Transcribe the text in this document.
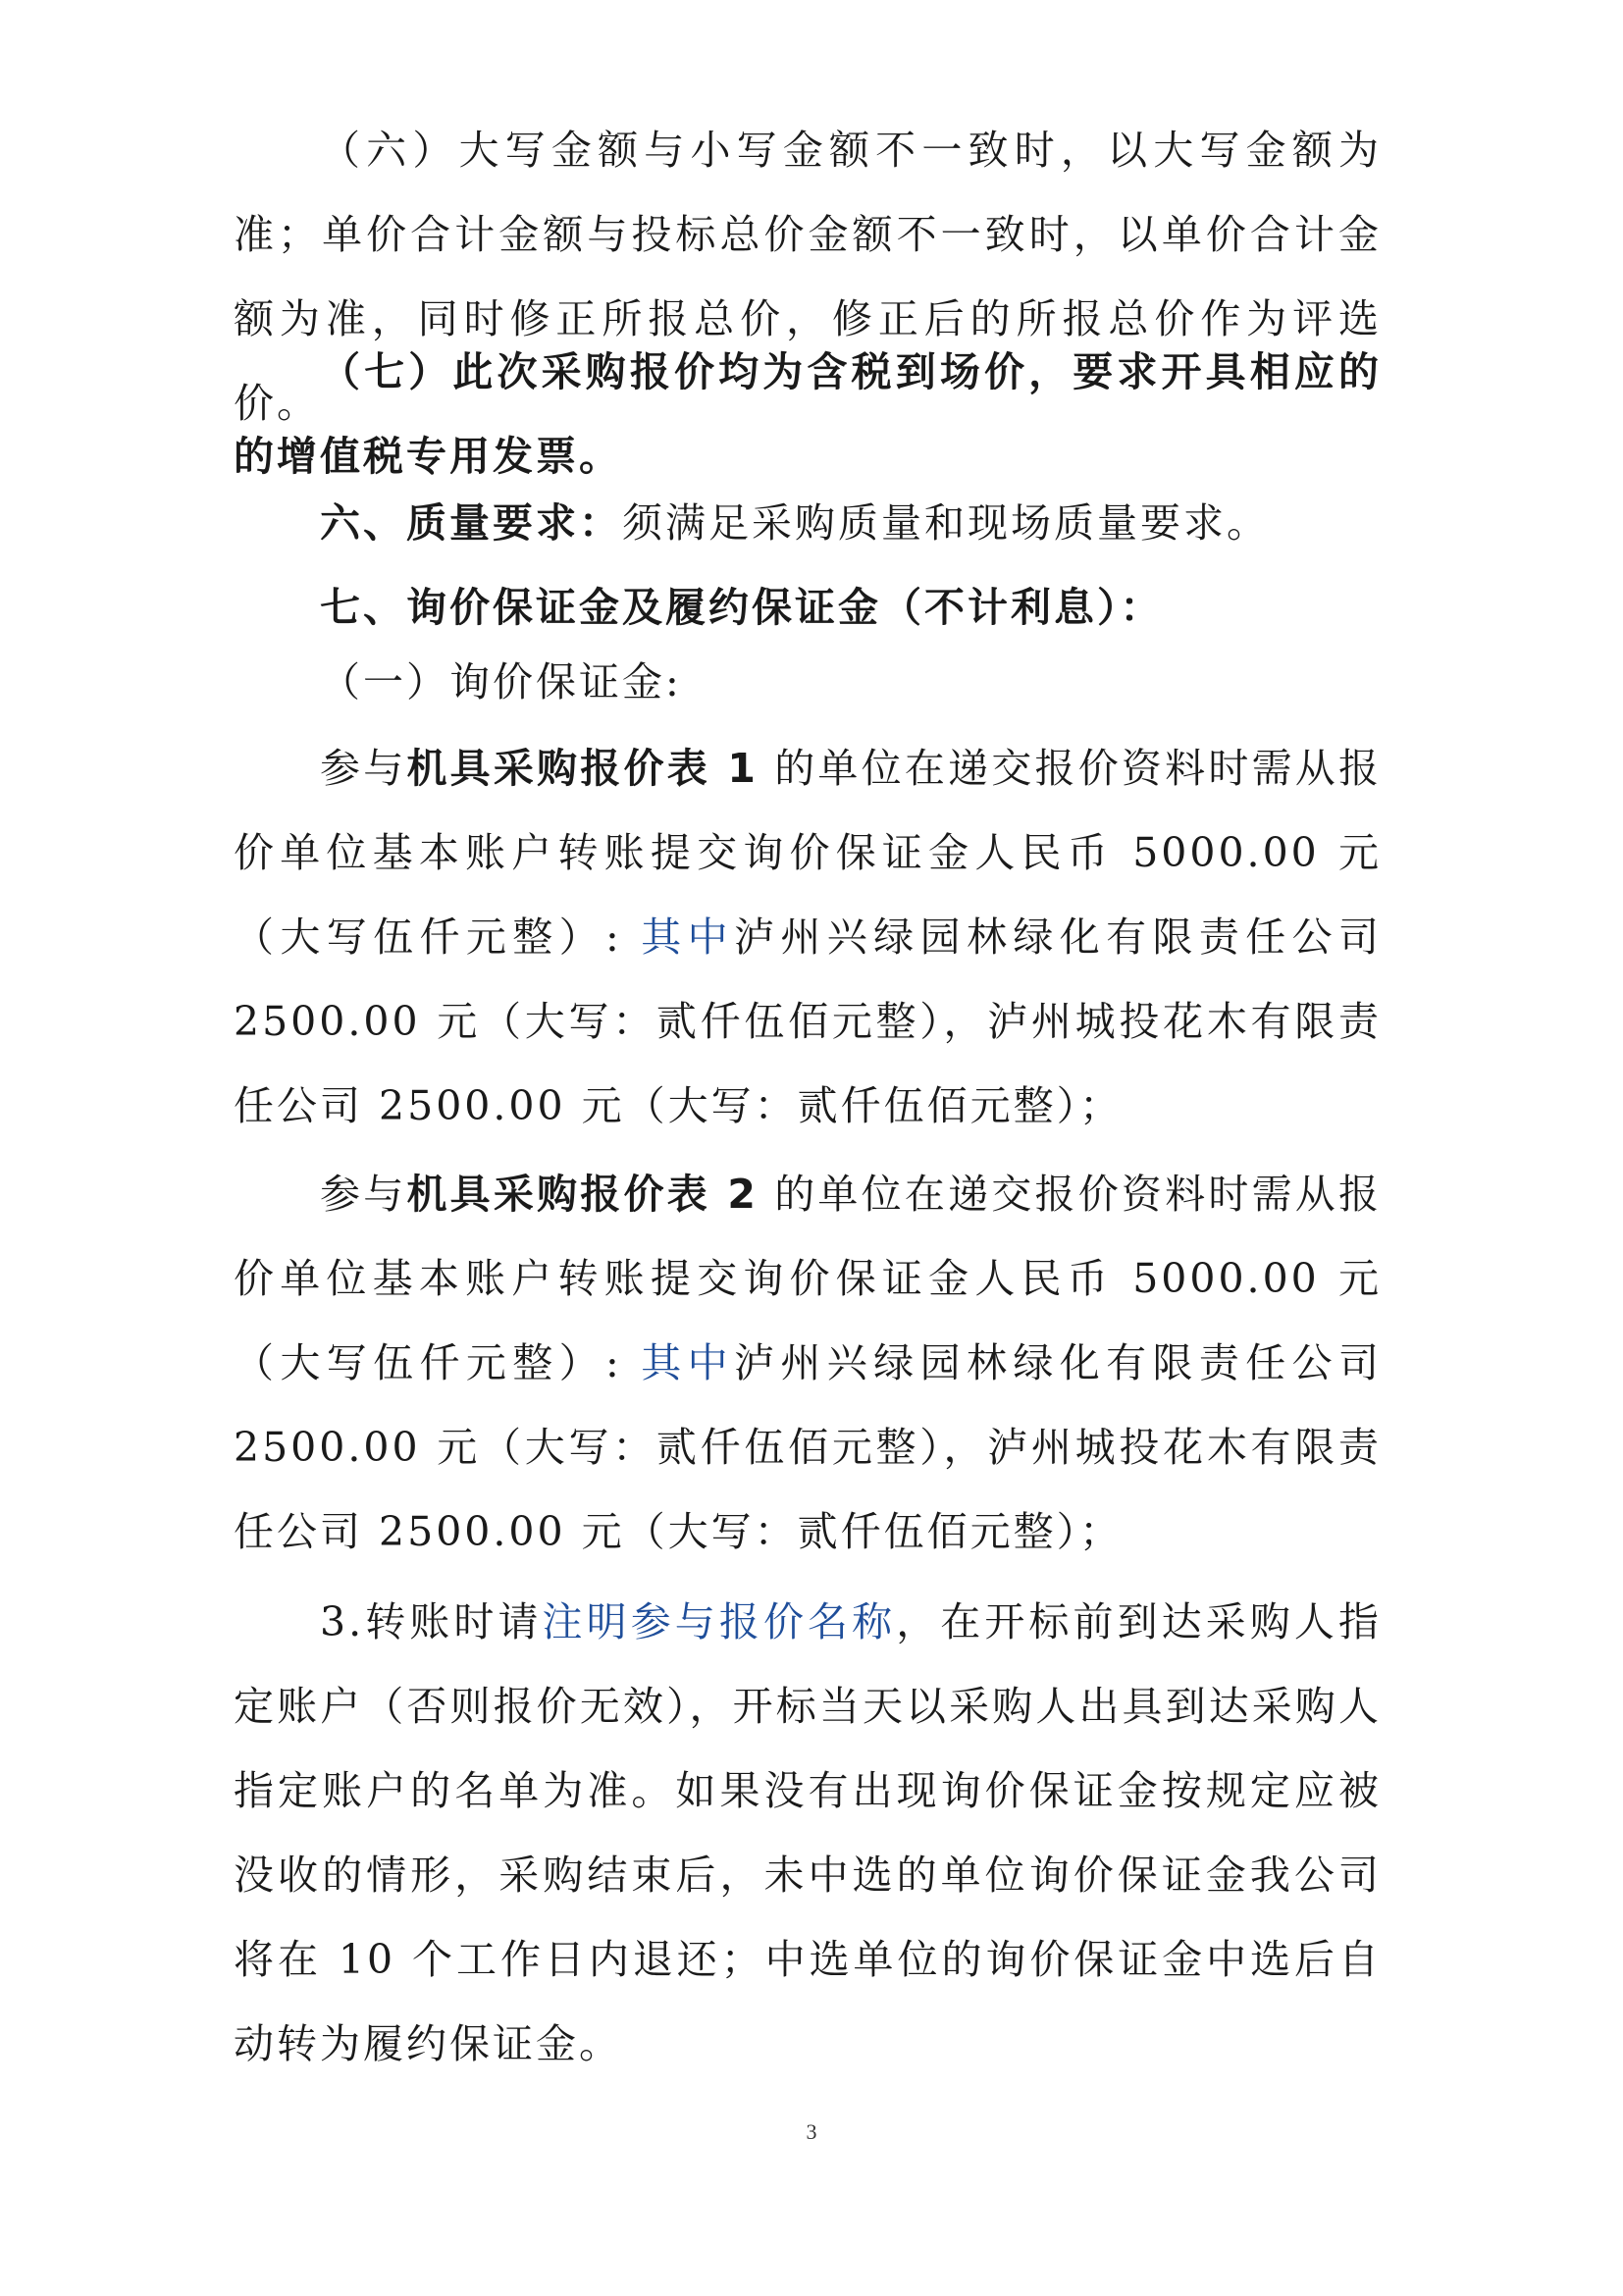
（六）大写金额与小写金额不一致时，以大写金额为准；单价合计金额与投标总价金额不一致时，以单价合计金额为准，同时修正所报总价，修正后的所报总价作为评选价。

（七）此次采购报价均为含税到场价，要求开具相应的的增值税专用发票。

六、质量要求：须满足采购质量和现场质量要求。

七、询价保证金及履约保证金（不计利息）：

（一）询价保证金:

参与机具采购报价表 1 的单位在递交报价资料时需从报价单位基本账户转账提交询价保证金人民币 5000.00 元（大写伍仟元整）: 其中泸州兴绿园林绿化有限责任公司 2500.00 元（大写：贰仟伍佰元整），泸州城投花木有限责任公司 2500.00 元（大写：贰仟伍佰元整）；

参与机具采购报价表 2 的单位在递交报价资料时需从报价单位基本账户转账提交询价保证金人民币 5000.00 元（大写伍仟元整）: 其中泸州兴绿园林绿化有限责任公司 2500.00 元（大写：贰仟伍佰元整），泸州城投花木有限责任公司 2500.00 元（大写：贰仟伍佰元整）；

3.转账时请注明参与报价名称，在开标前到达采购人指定账户（否则报价无效），开标当天以采购人出具到达采购人指定账户的名单为准。如果没有出现询价保证金按规定应被没收的情形，采购结束后，未中选的单位询价保证金我公司将在 10 个工作日内退还；中选单位的询价保证金中选后自动转为履约保证金。

3
